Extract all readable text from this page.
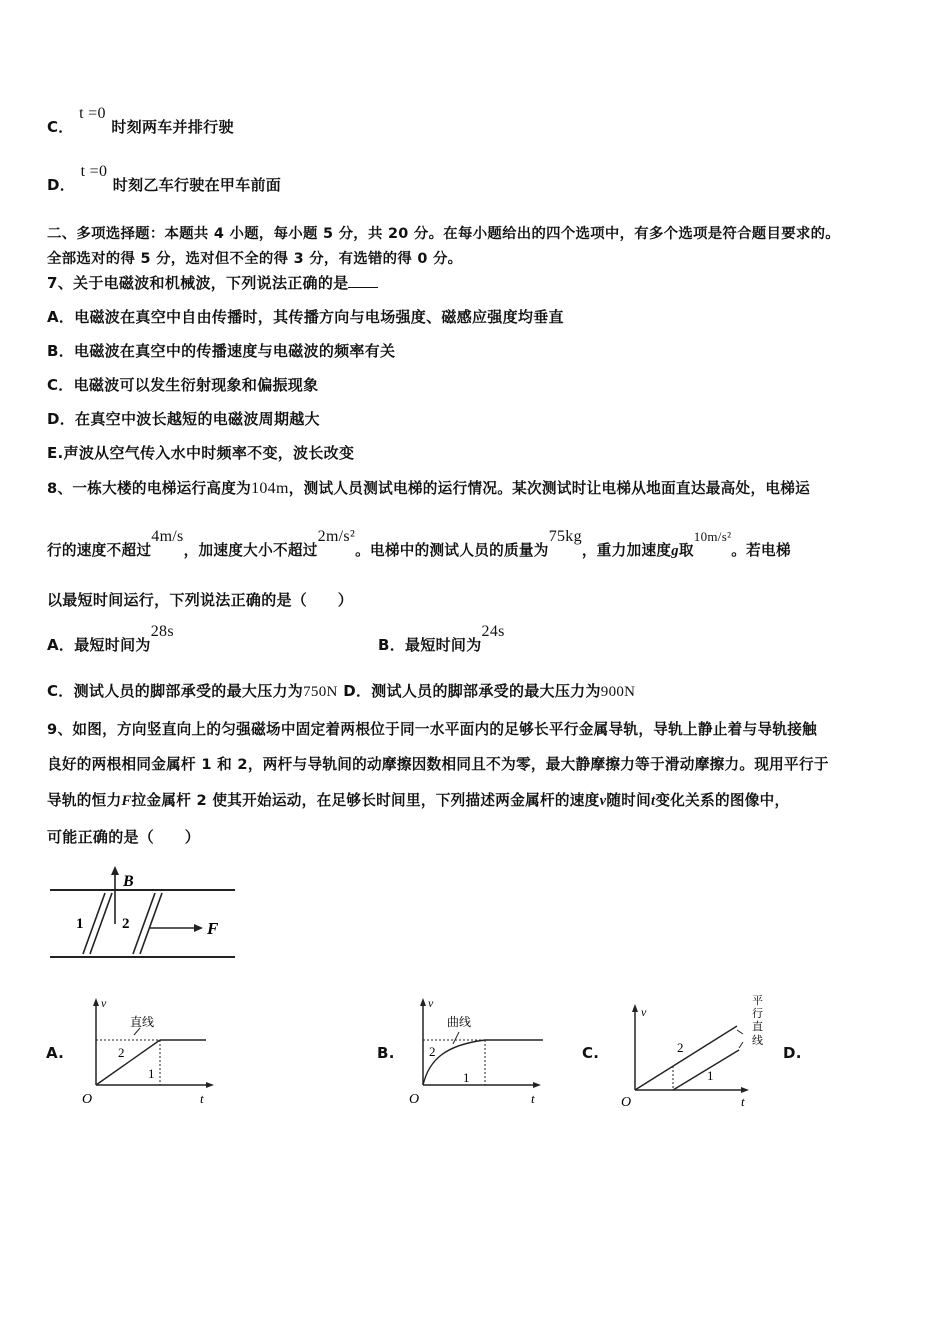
C． t =0 时刻两车并排行驶
D． t =0 时刻乙车行驶在甲车前面
二、多项选择题：本题共 4 小题，每小题 5 分，共 20 分。在每小题给出的四个选项中，有多个选项是符合题目要求的。
全部选对的得 5 分，选对但不全的得 3 分，有选错的得 0 分。
7、关于电磁波和机械波，下列说法正确的是
A．电磁波在真空中自由传播时，其传播方向与电场强度、磁感应强度均垂直
B．电磁波在真空中的传播速度与电磁波的频率有关
C．电磁波可以发生衍射现象和偏振现象
D．在真空中波长越短的电磁波周期越大
E.声波从空气传入水中时频率不变，波长改变
8、一栋大楼的电梯运行高度为104m，测试人员测试电梯的运行情况。某次测试时让电梯从地面直达最高处，电梯运
行的速度不超过4m/s，加速度大小不超过2m/s²。电梯中的测试人员的质量为75kg，重力加速度g取10m/s²。若电梯
以最短时间运行，下列说法正确的是（　　）
A．最短时间为28s
B．最短时间为24s
C．测试人员的脚部承受的最大压力为750N D．测试人员的脚部承受的最大压力为900N
9、如图，方向竖直向上的匀强磁场中固定着两根位于同一水平面内的足够长平行金属导轨，导轨上静止着与导轨接触
良好的两根相同金属杆 1 和 2，两杆与导轨间的动摩擦因数相同且不为零，最大静摩擦力等于滑动摩擦力。现用平行于
导轨的恒力F拉金属杆 2 使其开始运动，在足够长时间里，下列描述两金属杆的速度v随时间t变化关系的图像中，
可能正确的是（　　）
B
1	2	F
A.
v
O	t
直线
2
1
B.
v
O	t
曲线
2
1
C.
v
O	t
2
1
平
行
直
线
D.
